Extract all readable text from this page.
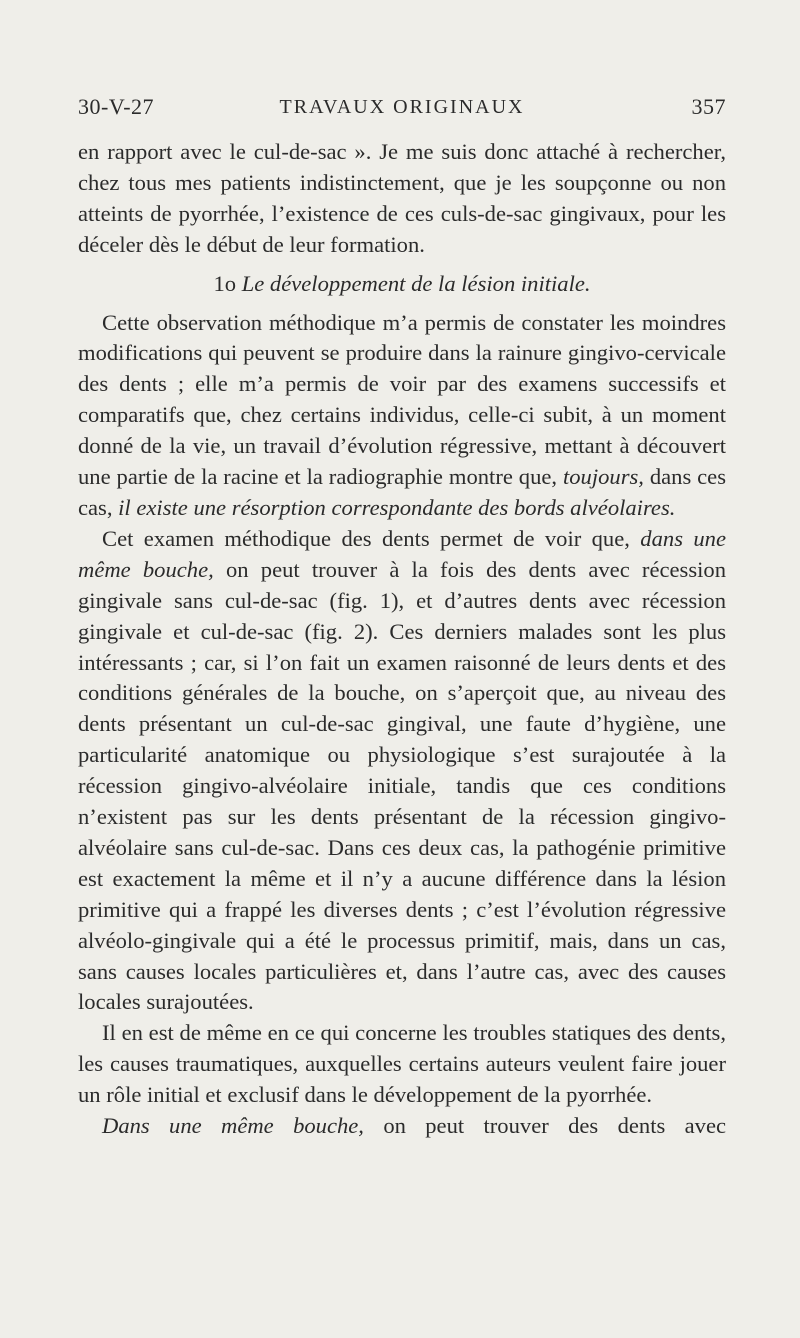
30-V-27	TRAVAUX ORIGINAUX	357

en rapport avec le cul-de-sac ». Je me suis donc attaché à rechercher, chez tous mes patients indistinctement, que je les soupçonne ou non atteints de pyorrhée, l’existence de ces culs-de-sac gingivaux, pour les déceler dès le début de leur formation.

1o Le développement de la lésion initiale.

Cette observation méthodique m’a permis de constater les moindres modifications qui peuvent se produire dans la rainure gingivo-cervicale des dents ; elle m’a permis de voir par des examens successifs et comparatifs que, chez certains individus, celle-ci subit, à un moment donné de la vie, un travail d’évolution régressive, mettant à découvert une partie de la racine et la radiographie montre que, toujours, dans ces cas, il existe une résorption correspondante des bords alvéolaires.

Cet examen méthodique des dents permet de voir que, dans une même bouche, on peut trouver à la fois des dents avec récession gingivale sans cul-de-sac (fig. 1), et d’autres dents avec récession gingivale et cul-de-sac (fig. 2). Ces derniers malades sont les plus intéressants ; car, si l’on fait un examen raisonné de leurs dents et des conditions générales de la bouche, on s’aperçoit que, au niveau des dents présentant un cul-de-sac gingival, une faute d’hygiène, une particularité anatomique ou physiologique s’est surajoutée à la récession gingivo-alvéolaire initiale, tandis que ces conditions n’existent pas sur les dents présentant de la récession gingivo-alvéolaire sans cul-de-sac. Dans ces deux cas, la pathogénie primitive est exactement la même et il n’y a aucune différence dans la lésion primitive qui a frappé les diverses dents ; c’est l’évolution régressive alvéolo-gingivale qui a été le processus primitif, mais, dans un cas, sans causes locales particulières et, dans l’autre cas, avec des causes locales surajoutées.

Il en est de même en ce qui concerne les troubles statiques des dents, les causes traumatiques, auxquelles certains auteurs veulent faire jouer un rôle initial et exclusif dans le développement de la pyorrhée.

Dans une même bouche, on peut trouver des dents avec
